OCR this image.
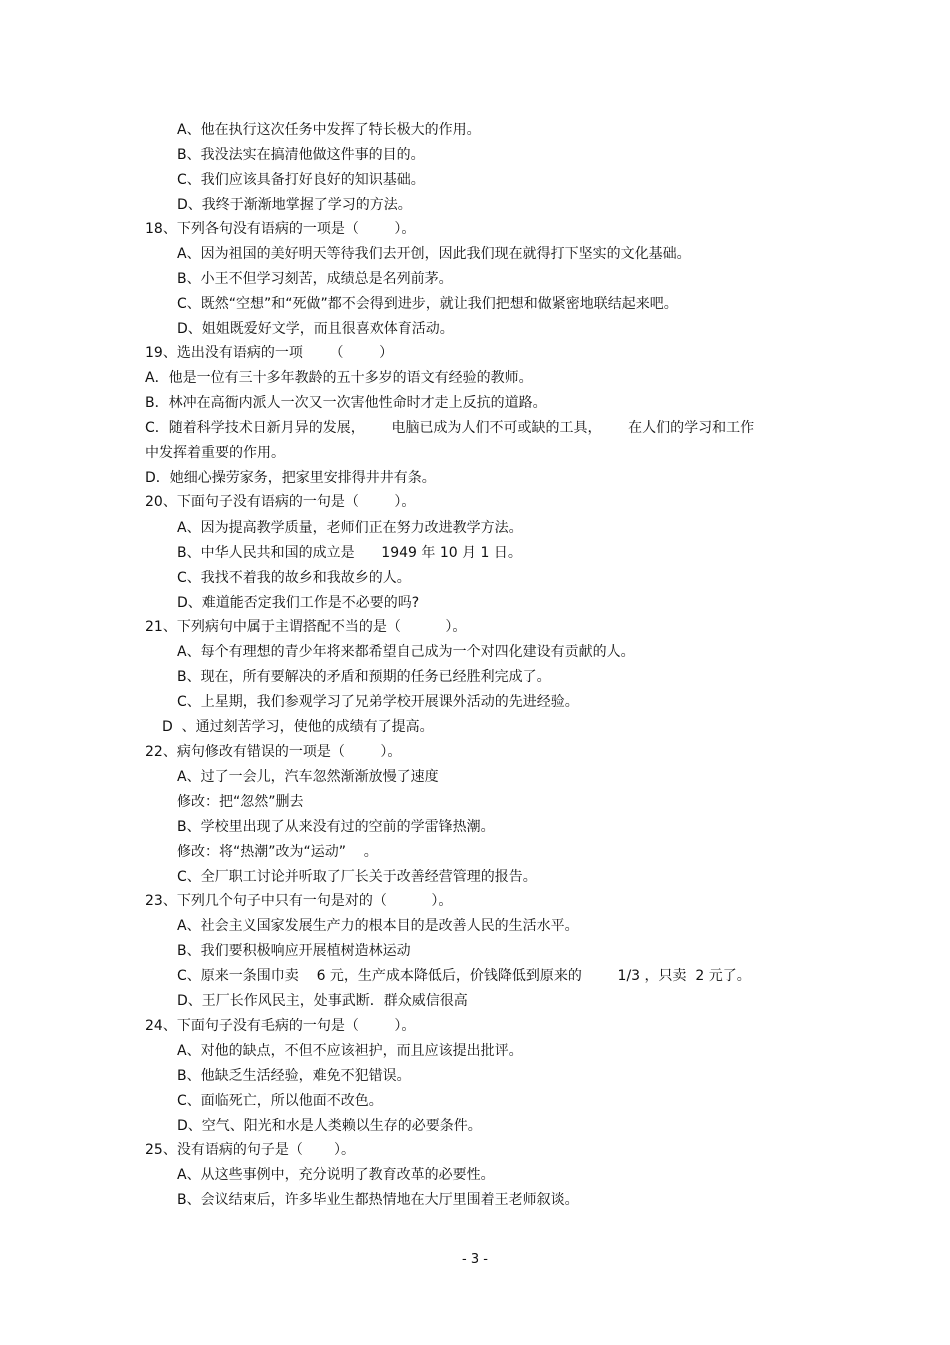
A、他在执行这次任务中发挥了特长极大的作用。
B、我没法实在搞清他做这件事的目的。
C、我们应该具备打好良好的知识基础。
D、我终于渐渐地掌握了学习的方法。
18、下列各句没有语病的一项是（        ）。
A、因为祖国的美好明天等待我们去开创，因此我们现在就得打下坚实的文化基础。
B、小王不但学习刻苦，成绩总是名列前茅。
C、既然“空想”和“死做”都不会得到进步，就让我们把想和做紧密地联结起来吧。
D、姐姐既爱好文学，而且很喜欢体育活动。
19、选出没有语病的一项      （        ）
A．他是一位有三十多年教龄的五十多岁的语文有经验的教师。
B．林冲在高衙内派人一次又一次害他性命时才走上反抗的道路。
C．随着科学技术日新月异的发展，      电脑已成为人们不可或缺的工具，      在人们的学习和工作
中发挥着重要的作用。
D．她细心操劳家务，把家里安排得井井有条。
20、下面句子没有语病的一句是（        ）。
A、因为提高教学质量，老师们正在努力改进教学方法。
B、中华人民共和国的成立是      1949 年 10 月 1 日。
C、我找不着我的故乡和我故乡的人。
D、难道能否定我们工作是不必要的吗?
21、下列病句中属于主谓搭配不当的是（          ）。
A、每个有理想的青少年将来都希望自己成为一个对四化建设有贡献的人。
B、现在，所有要解决的矛盾和预期的任务已经胜利完成了。
C、上星期，我们参观学习了兄弟学校开展课外活动的先进经验。
D  、通过刻苦学习，使他的成绩有了提高。
22、病句修改有错误的一项是（        ）。
A、过了一会儿，汽车忽然渐渐放慢了速度
修改：把“忽然”删去
B、学校里出现了从来没有过的空前的学雷锋热潮。
修改：将“热潮”改为“运动”    。
C、全厂职工讨论并听取了厂长关于改善经营管理的报告。
23、下列几个句子中只有一句是对的（          ）。
A、社会主义国家发展生产力的根本目的是改善人民的生活水平。
B、我们要积极响应开展植树造林运动
C、原来一条围巾卖    6 元，生产成本降低后，价钱降低到原来的        1/3 ，只卖  2 元了。
D、王厂长作风民主，处事武断．群众威信很高
24、下面句子没有毛病的一句是（        ）。
A、对他的缺点，不但不应该袒护，而且应该提出批评。
B、他缺乏生活经验，难免不犯错误。
C、面临死亡，所以他面不改色。
D、空气、阳光和水是人类赖以生存的必要条件。
25、没有语病的句子是（       ）。
A、从这些事例中，充分说明了教育改革的必要性。
B、会议结束后，许多毕业生都热情地在大厅里围着王老师叙谈。
- 3 -
